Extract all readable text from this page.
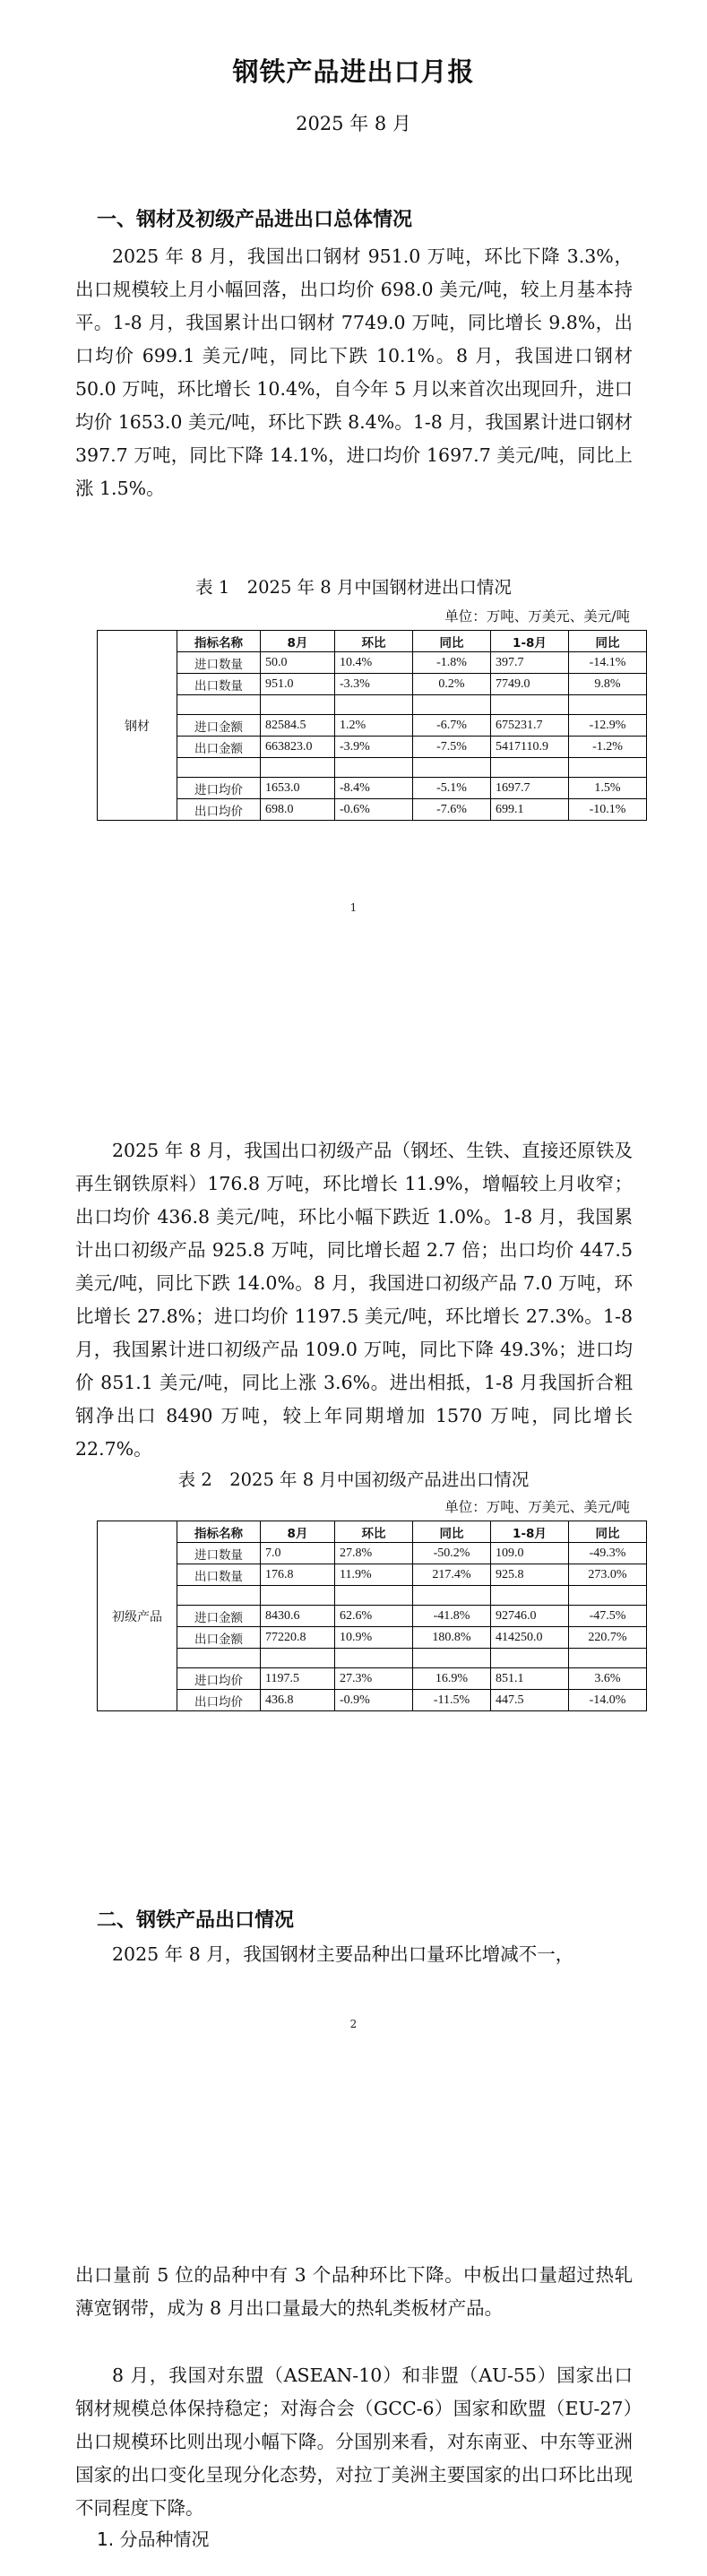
钢铁产品进出口月报
2025 年 8 月
一、钢材及初级产品进出口总体情况
2025 年 8 月，我国出口钢材 951.0 万吨，环比下降 3.3%，出口规模较上月小幅回落，出口均价 698.0 美元/吨，较上月基本持平。1-8 月，我国累计出口钢材 7749.0 万吨，同比增长 9.8%，出口均价 699.1 美元/吨，同比下跌 10.1%。8 月，我国进口钢材 50.0 万吨，环比增长 10.4%，自今年 5 月以来首次出现回升，进口均价 1653.0 美元/吨，环比下跌 8.4%。1-8 月，我国累计进口钢材 397.7 万吨，同比下降 14.1%，进口均价 1697.7 美元/吨，同比上涨 1.5%。
表 1　2025 年 8 月中国钢材进出口情况
单位：万吨、万美元、美元/吨
钢材	指标名称	8月	环比	同比	1-8月	同比
	进口数量	50.0	10.4%	-1.8%	397.7	-14.1%
	出口数量	951.0	-3.3%	0.2%	7749.0	9.8%

	进口金额	82584.5	1.2%	-6.7%	675231.7	-12.9%
	出口金额	663823.0	-3.9%	-7.5%	5417110.9	-1.2%

	进口均价	1653.0	-8.4%	-5.1%	1697.7	1.5%
	出口均价	698.0	-0.6%	-7.6%	699.1	-10.1%
1
2025 年 8 月，我国出口初级产品（钢坯、生铁、直接还原铁及再生钢铁原料）176.8 万吨，环比增长 11.9%，增幅较上月收窄；出口均价 436.8 美元/吨，环比小幅下跌近 1.0%。1-8 月，我国累计出口初级产品 925.8 万吨，同比增长超 2.7 倍；出口均价 447.5 美元/吨，同比下跌 14.0%。8 月，我国进口初级产品 7.0 万吨，环比增长 27.8%；进口均价 1197.5 美元/吨，环比增长 27.3%。1-8 月，我国累计进口初级产品 109.0 万吨，同比下降 49.3%；进口均价 851.1 美元/吨，同比上涨 3.6%。进出相抵，1-8 月我国折合粗钢净出口 8490 万吨，较上年同期增加 1570 万吨，同比增长 22.7%。
表 2　2025 年 8 月中国初级产品进出口情况
单位：万吨、万美元、美元/吨
初级产品	指标名称	8月	环比	同比	1-8月	同比
	进口数量	7.0	27.8%	-50.2%	109.0	-49.3%
	出口数量	176.8	11.9%	217.4%	925.8	273.0%

	进口金额	8430.6	62.6%	-41.8%	92746.0	-47.5%
	出口金额	77220.8	10.9%	180.8%	414250.0	220.7%

	进口均价	1197.5	27.3%	16.9%	851.1	3.6%
	出口均价	436.8	-0.9%	-11.5%	447.5	-14.0%
二、钢铁产品出口情况
2025 年 8 月，我国钢材主要品种出口量环比增减不一，
2
出口量前 5 位的品种中有 3 个品种环比下降。中板出口量超过热轧薄宽钢带，成为 8 月出口量最大的热轧类板材产品。
8 月，我国对东盟（ASEAN-10）和非盟（AU-55）国家出口钢材规模总体保持稳定；对海合会（GCC-6）国家和欧盟（EU-27）出口规模环比则出现小幅下降。分国别来看，对东南亚、中东等亚洲国家的出口变化呈现分化态势，对拉丁美洲主要国家的出口环比出现不同程度下降。
1. 分品种情况
